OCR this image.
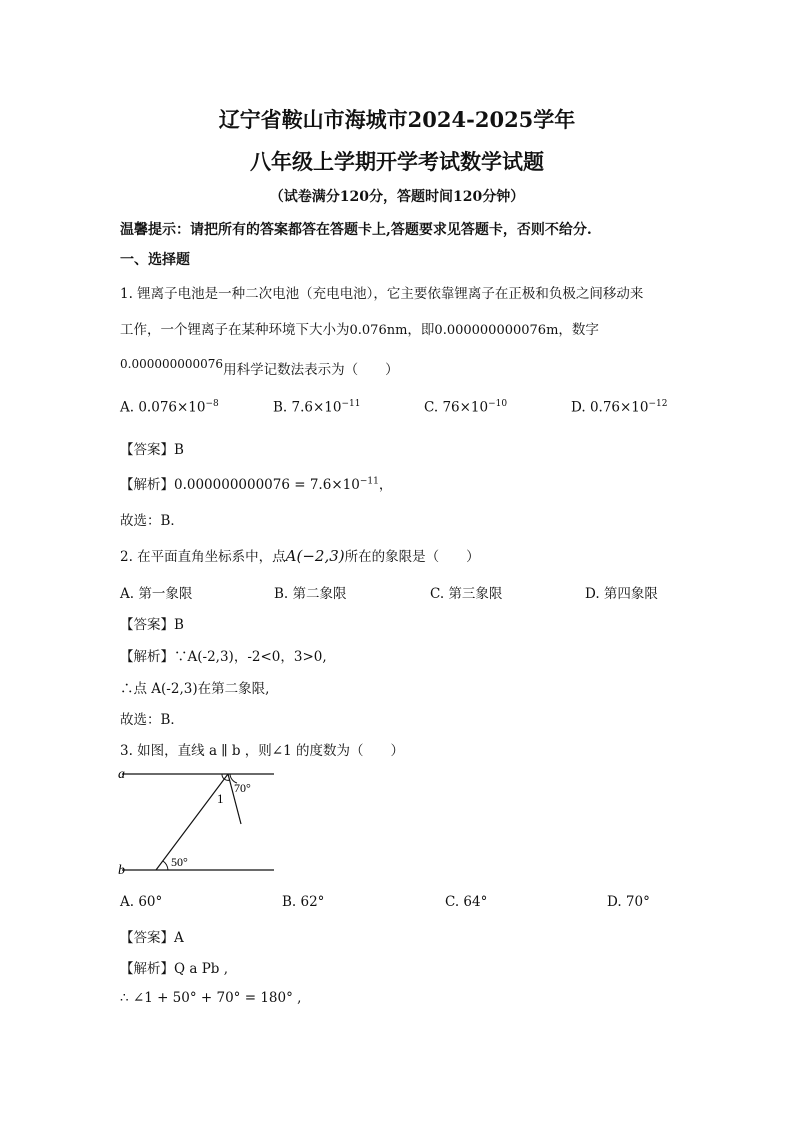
辽宁省鞍山市海城市2024-2025学年
八年级上学期开学考试数学试题
（试卷满分120分，答题时间120分钟）
温馨提示：请把所有的答案都答在答题卡上,答题要求见答题卡，否则不给分.
一、选择题
1. 锂离子电池是一种二次电池（充电电池），它主要依靠锂离子在正极和负极之间移动来
工作，一个锂离子在某种环境下大小为0.076nm，即0.000000000076m，数字
0.000000000076用科学记数法表示为（　　）
A. $0.076\times 10^{-8}$	B. $7.6\times 10^{-11}$	C. $76\times 10^{-10}$	D. $0.76\times 10^{-12}$
【答案】B
【解析】$0.000000000076 = 7.6\times 10^{-11}$，
故选：B．
2. 在平面直角坐标系中，点A(−2,3)所在的象限是（　　）
A. 第一象限	B. 第二象限	C. 第三象限	D. 第四象限
【答案】B
【解析】∵A(-2,3)，-2<0，3>0,
∴点 A(-2,3)在第二象限,
故选：B．
3. 如图，直线 a ∥ b ，则∠1 的度数为（　　）
a
b
1
70°
50°
A. 60°	B. 62°	C. 64°	D. 70°
【答案】A
【解析】Q a Pb ,
∴ ∠1 + 50° + 70° = 180° ,
